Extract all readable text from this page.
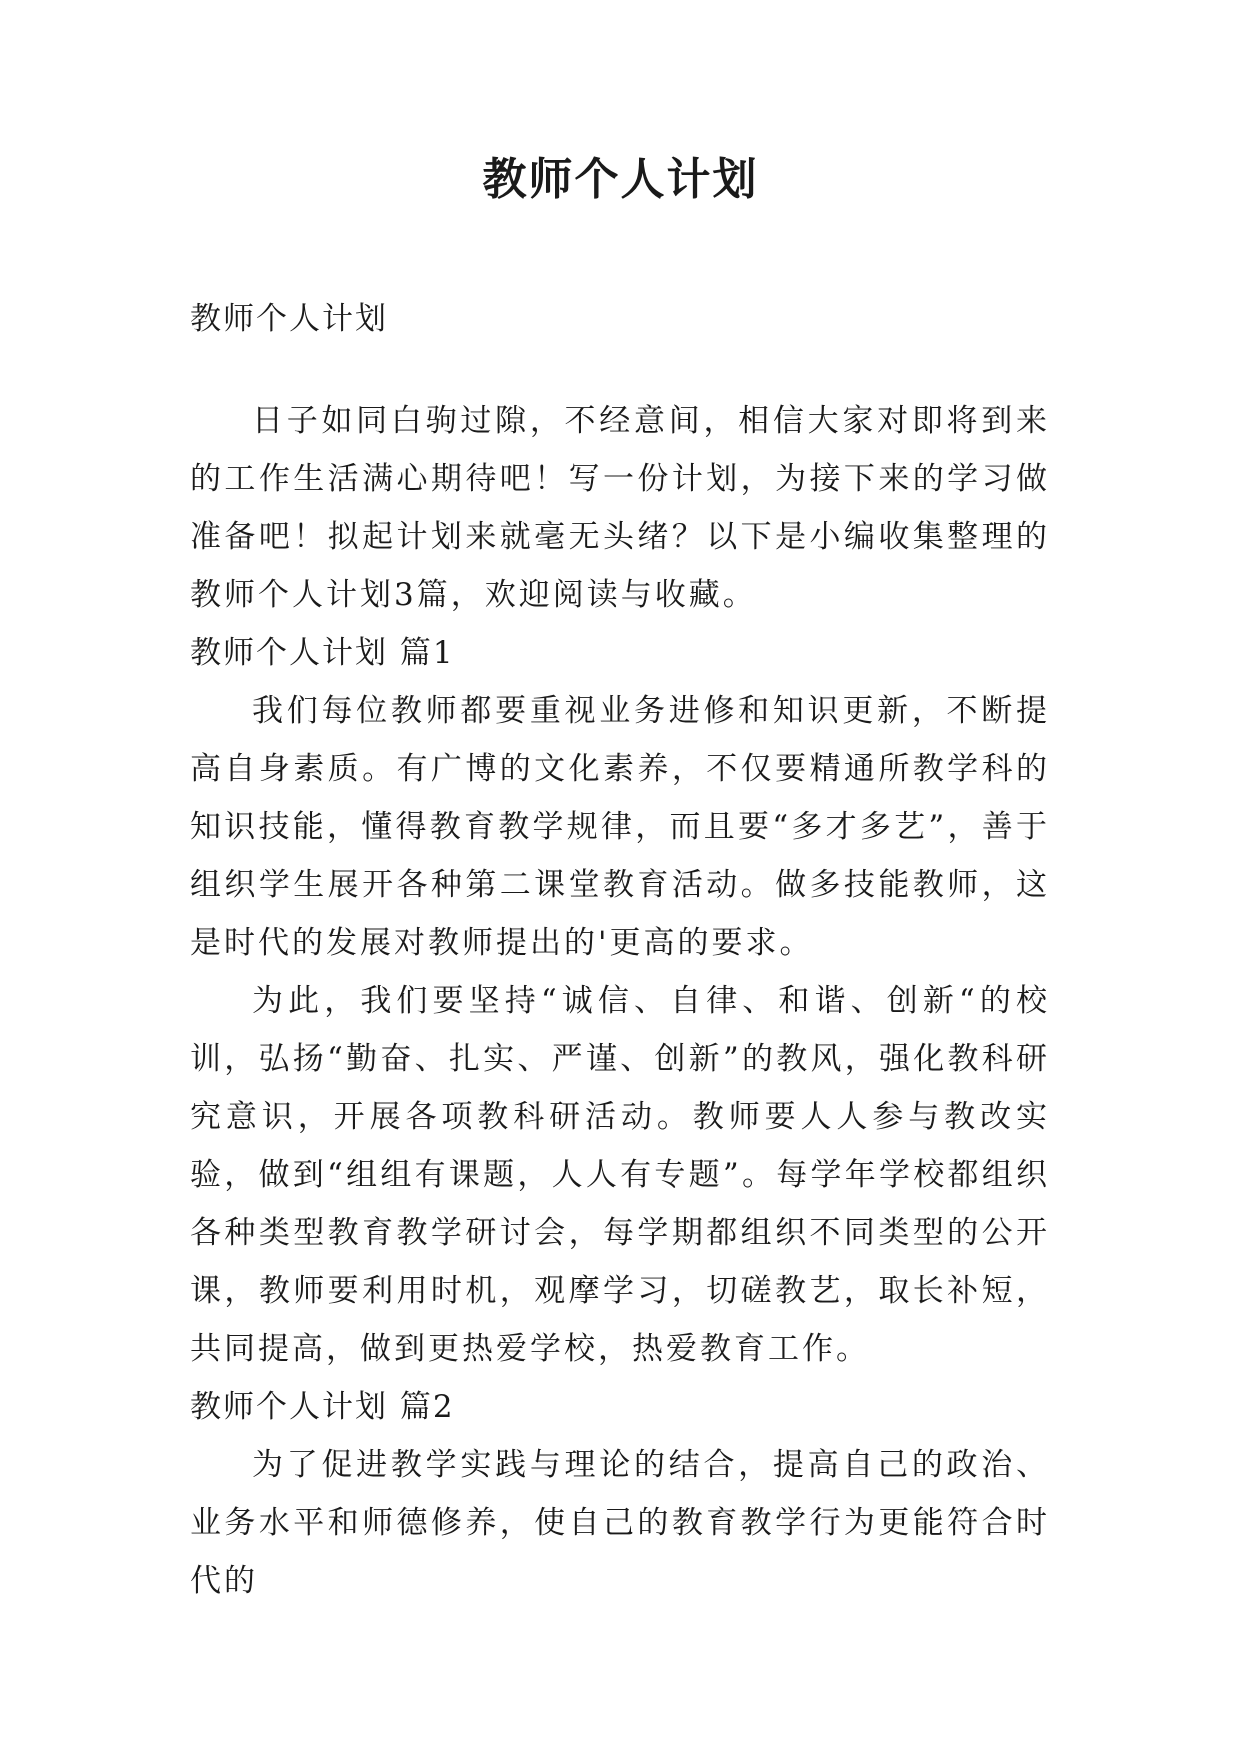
教师个人计划

教师个人计划

日子如同白驹过隙，不经意间，相信大家对即将到来的工作生活满心期待吧！写一份计划，为接下来的学习做准备吧！拟起计划来就毫无头绪？以下是小编收集整理的教师个人计划3篇，欢迎阅读与收藏。

教师个人计划 篇1

我们每位教师都要重视业务进修和知识更新，不断提高自身素质。有广博的文化素养，不仅要精通所教学科的知识技能，懂得教育教学规律，而且要“多才多艺”，善于组织学生展开各种第二课堂教育活动。做多技能教师，这是时代的发展对教师提出的'更高的要求。

为此，我们要坚持“诚信、自律、和谐、创新“的校训，弘扬“勤奋、扎实、严谨、创新”的教风，强化教科研究意识，开展各项教科研活动。教师要人人参与教改实验，做到“组组有课题，人人有专题”。每学年学校都组织各种类型教育教学研讨会，每学期都组织不同类型的公开课，教师要利用时机，观摩学习，切磋教艺，取长补短，共同提高，做到更热爱学校，热爱教育工作。

教师个人计划 篇2

为了促进教学实践与理论的结合，提高自己的政治、业务水平和师德修养，使自己的教育教学行为更能符合时代的
